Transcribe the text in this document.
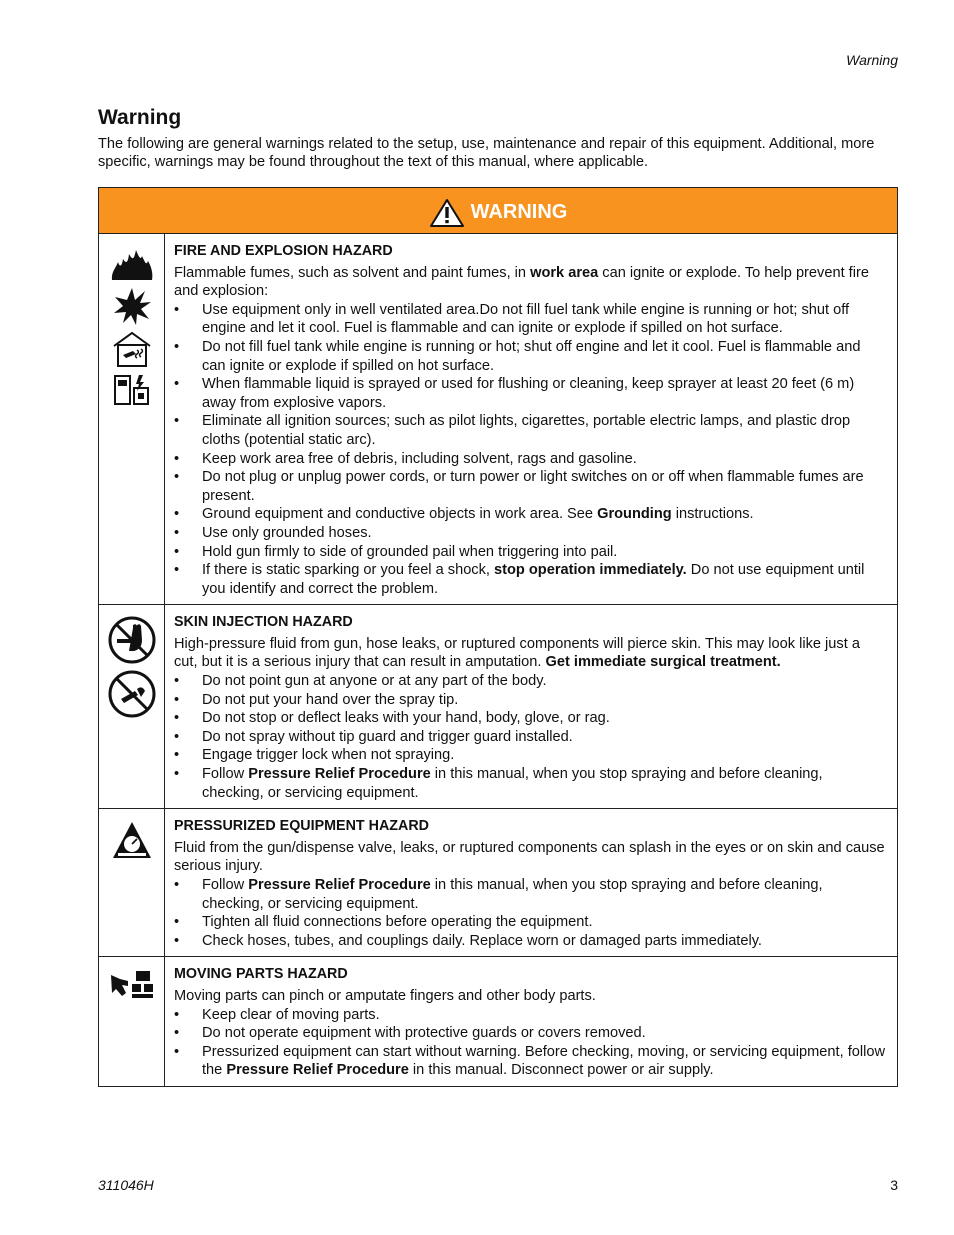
Warning
Warning

The following are general warnings related to the setup, use, maintenance and repair of this equipment. Additional, more specific, warnings may be found throughout the text of this manual, where applicable.

WARNING
FIRE AND EXPLOSION HAZARD

Flammable fumes, such as solvent and paint fumes, in work area can ignite or explode. To help prevent fire and explosion:

• Use equipment only in well ventilated area.Do not fill fuel tank while engine is running or hot; shut off engine and let it cool. Fuel is flammable and can ignite or explode if spilled on hot surface.
• Do not fill fuel tank while engine is running or hot; shut off engine and let it cool. Fuel is flammable and can ignite or explode if spilled on hot surface.
• When flammable liquid is sprayed or used for flushing or cleaning, keep sprayer at least 20 feet (6 m) away from explosive vapors.
• Eliminate all ignition sources; such as pilot lights, cigarettes, portable electric lamps, and plastic drop cloths (potential static arc).
• Keep work area free of debris, including solvent, rags and gasoline.
• Do not plug or unplug power cords, or turn power or light switches on or off when flammable fumes are present.
• Ground equipment and conductive objects in work area. See Grounding instructions.
• Use only grounded hoses.
• Hold gun firmly to side of grounded pail when triggering into pail.
• If there is static sparking or you feel a shock, stop operation immediately. Do not use equipment until you identify and correct the problem.
SKIN INJECTION HAZARD

High-pressure fluid from gun, hose leaks, or ruptured components will pierce skin. This may look like just a cut, but it is a serious injury that can result in amputation. Get immediate surgical treatment.

• Do not point gun at anyone or at any part of the body.
• Do not put your hand over the spray tip.
• Do not stop or deflect leaks with your hand, body, glove, or rag.
• Do not spray without tip guard and trigger guard installed.
• Engage trigger lock when not spraying.
• Follow Pressure Relief Procedure in this manual, when you stop spraying and before cleaning, checking, or servicing equipment.
PRESSURIZED EQUIPMENT HAZARD

Fluid from the gun/dispense valve, leaks, or ruptured components can splash in the eyes or on skin and cause serious injury.

• Follow Pressure Relief Procedure in this manual, when you stop spraying and before cleaning, checking, or servicing equipment.
• Tighten all fluid connections before operating the equipment.
• Check hoses, tubes, and couplings daily. Replace worn or damaged parts immediately.
MOVING PARTS HAZARD

Moving parts can pinch or amputate fingers and other body parts.

• Keep clear of moving parts.
• Do not operate equipment with protective guards or covers removed.
• Pressurized equipment can start without warning. Before checking, moving, or servicing equipment, follow the Pressure Relief Procedure in this manual. Disconnect power or air supply.
311046H	3
